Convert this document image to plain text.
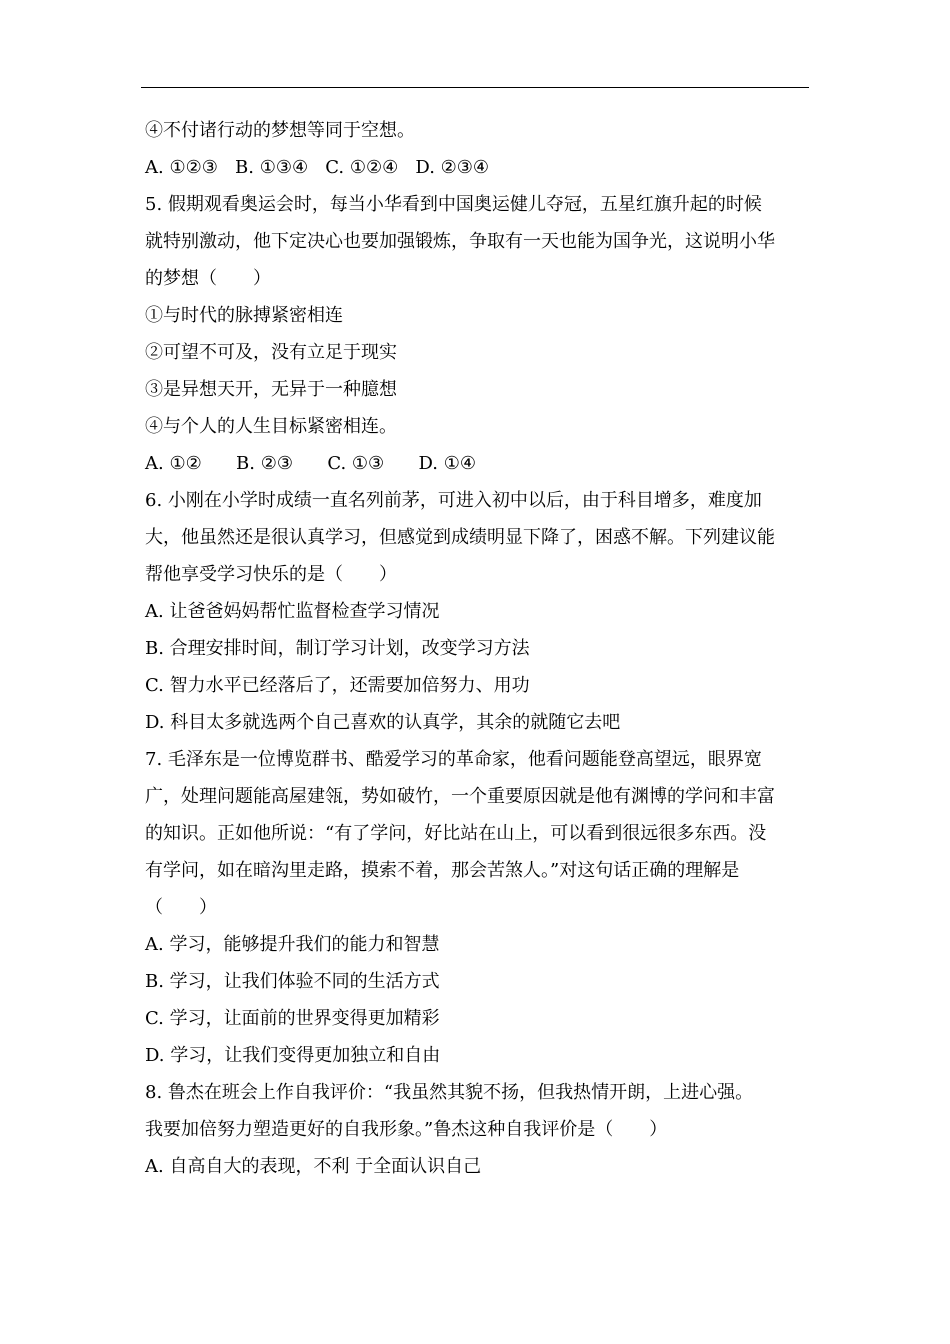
④不付诸行动的梦想等同于空想。
A. ①②③   B. ①③④   C. ①②④   D. ②③④
5. 假期观看奥运会时，每当小华看到中国奥运健儿夺冠，五星红旗升起的时候
就特别激动，他下定决心也要加强锻炼，争取有一天也能为国争光，这说明小华
的梦想（　　）
①与时代的脉搏紧密相连
②可望不可及，没有立足于现实
③是异想天开，无异于一种臆想
④与个人的人生目标紧密相连。
A. ①②      B. ②③      C. ①③      D. ①④
6. 小刚在小学时成绩一直名列前茅，可进入初中以后，由于科目增多，难度加
大，他虽然还是很认真学习，但感觉到成绩明显下降了，困惑不解。下列建议能
帮他享受学习快乐的是（　　）
A. 让爸爸妈妈帮忙监督检查学习情况
B. 合理安排时间，制订学习计划，改变学习方法
C. 智力水平已经落后了，还需要加倍努力、用功
D. 科目太多就选两个自己喜欢的认真学，其余的就随它去吧
7. 毛泽东是一位博览群书、酷爱学习的革命家，他看问题能登高望远，眼界宽
广，处理问题能高屋建瓴，势如破竹，一个重要原因就是他有渊博的学问和丰富
的知识。正如他所说：“有了学问，好比站在山上，可以看到很远很多东西。没
有学问，如在暗沟里走路，摸索不着，那会苦煞人。”对这句话正确的理解是
（　　）
A. 学习，能够提升我们的能力和智慧
B. 学习，让我们体验不同的生活方式
C. 学习，让面前的世界变得更加精彩
D. 学习，让我们变得更加独立和自由
8. 鲁杰在班会上作自我评价：“我虽然其貌不扬，但我热情开朗，上进心强。
我要加倍努力塑造更好的自我形象。”鲁杰这种自我评价是（　　）
A. 自高自大的表现，不利 于全面认识自己
